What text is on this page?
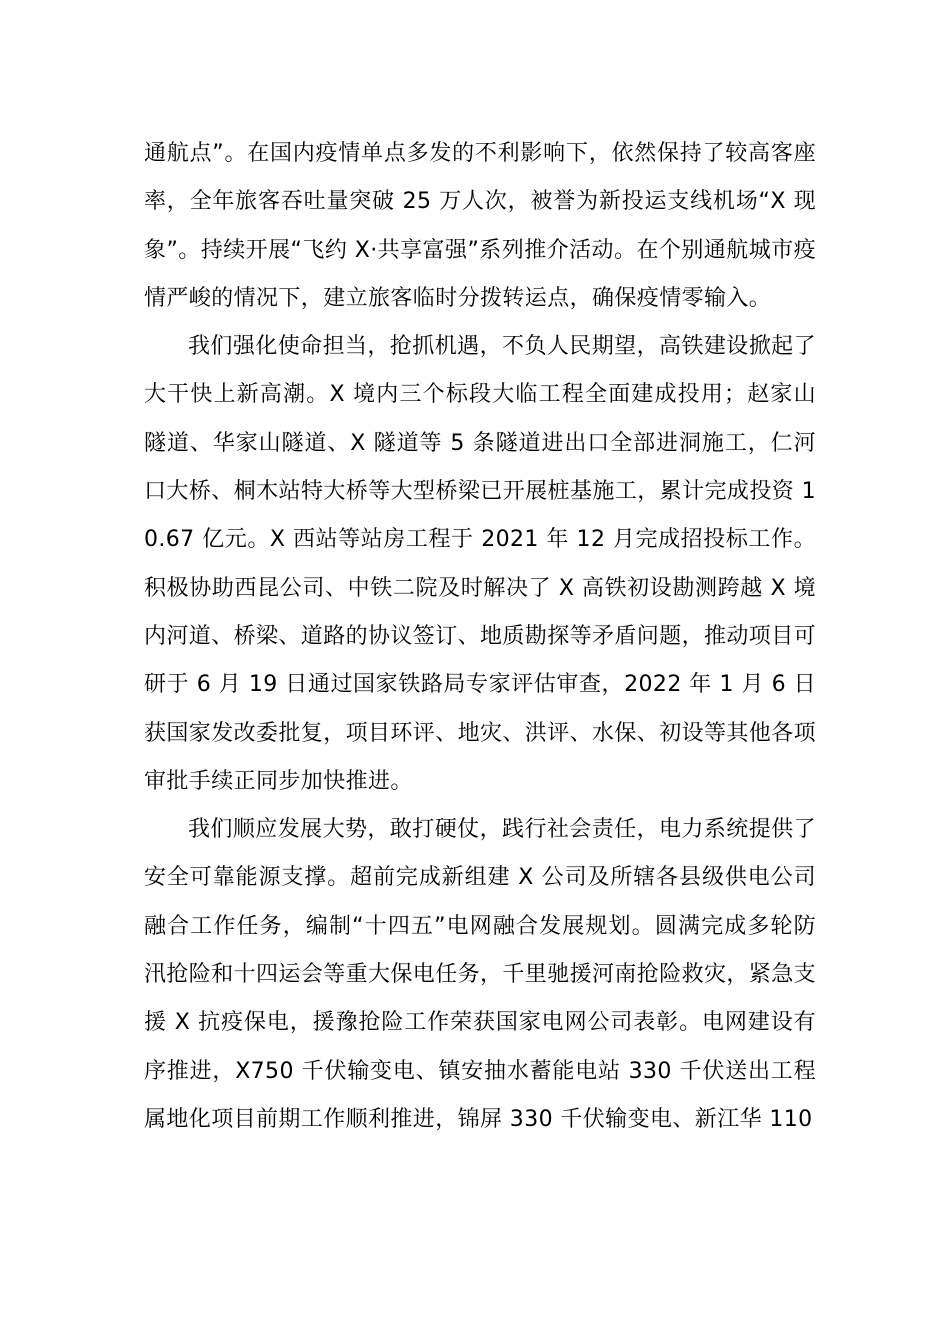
通航点”。在国内疫情单点多发的不利影响下，依然保持了较高客座率，全年旅客吞吐量突破 25 万人次，被誉为新投运支线机场“X 现象”。持续开展“飞约 X·共享富强”系列推介活动。在个别通航城市疫情严峻的情况下，建立旅客临时分拨转运点，确保疫情零输入。

我们强化使命担当，抢抓机遇，不负人民期望，高铁建设掀起了大干快上新高潮。X 境内三个标段大临工程全面建成投用；赵家山隧道、华家山隧道、X 隧道等 5 条隧道进出口全部进洞施工，仁河口大桥、桐木站特大桥等大型桥梁已开展桩基施工，累计完成投资 10.67 亿元。X 西站等站房工程于 2021 年 12 月完成招投标工作。积极协助西昆公司、中铁二院及时解决了 X 高铁初设勘测跨越 X 境内河道、桥梁、道路的协议签订、地质勘探等矛盾问题，推动项目可研于 6 月 19 日通过国家铁路局专家评估审查，2022 年 1 月 6 日获国家发改委批复，项目环评、地灾、洪评、水保、初设等其他各项审批手续正同步加快推进。

我们顺应发展大势，敢打硬仗，践行社会责任，电力系统提供了安全可靠能源支撑。超前完成新组建 X 公司及所辖各县级供电公司融合工作任务，编制“十四五”电网融合发展规划。圆满完成多轮防汛抢险和十四运会等重大保电任务，千里驰援河南抢险救灾，紧急支援 X 抗疫保电，援豫抢险工作荣获国家电网公司表彰。电网建设有序推进，X750 千伏输变电、镇安抽水蓄能电站 330 千伏送出工程属地化项目前期工作顺利推进，锦屏 330 千伏输变电、新江华 110
